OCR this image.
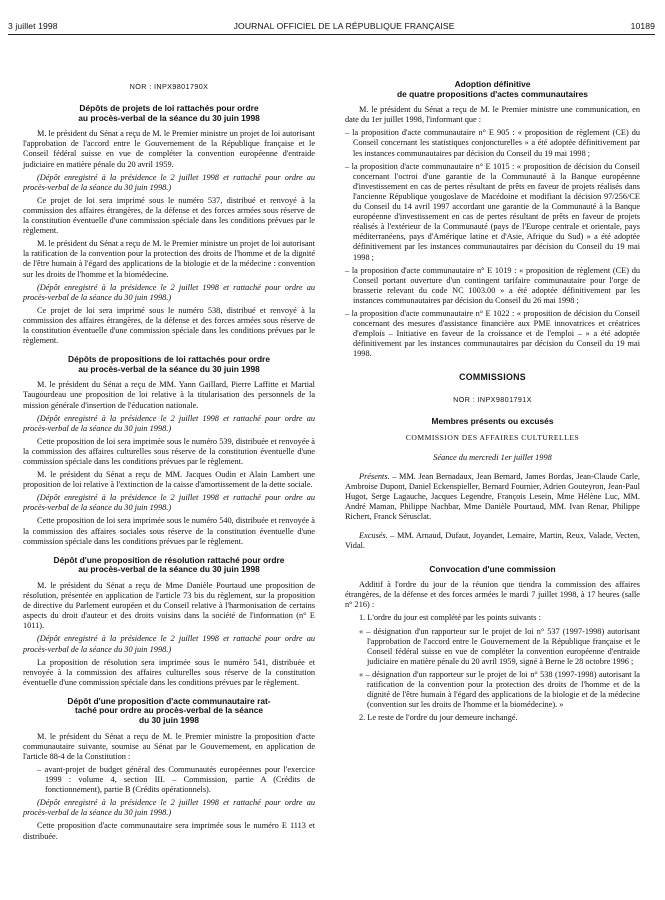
3 juillet 1998	JOURNAL OFFICIEL DE LA RÉPUBLIQUE FRANÇAISE	10189
NOR : INPX9801790X
Dépôts de projets de loi rattachés pour ordre
au procès-verbal de la séance du 30 juin 1998

M. le président du Sénat a reçu de M. le Premier ministre un projet de loi autorisant l'approbation de l'accord entre le Gouvernement de la République française et le Conseil fédéral suisse en vue de compléter la convention européenne d'entraide judiciaire en matière pénale du 20 avril 1959.

(Dépôt enregistré à la présidence le 2 juillet 1998 et rattaché pour ordre au procès-verbal de la séance du 30 juin 1998.)

Ce projet de loi sera imprimé sous le numéro 537, distribué et renvoyé à la commission des affaires étrangères, de la défense et des forces armées sous réserve de la constitution éventuelle d'une commission spéciale dans les conditions prévues par le règlement.

M. le président du Sénat a reçu de M. le Premier ministre un projet de loi autorisant la ratification de la convention pour la protection des droits de l'homme et de la dignité de l'être humain à l'égard des applications de la biologie et de la médecine : convention sur les droits de l'homme et la biomédecine.

(Dépôt enregistré à la présidence le 2 juillet 1998 et rattaché pour ordre au procès-verbal de la séance du 30 juin 1998.)

Ce projet de loi sera imprimé sous le numéro 538, distribué et renvoyé à la commission des affaires étrangères, de la défense et des forces armées sous réserve de la constitution éventuelle d'une commission spéciale dans les conditions prévues par le règlement.

Dépôts de propositions de loi rattachés pour ordre
au procès-verbal de la séance du 30 juin 1998

M. le président du Sénat a reçu de MM. Yann Gaillard, Pierre Laffitte et Martial Taugourdeau une proposition de loi relative à la titularisation des personnels de la mission générale d'insertion de l'éducation nationale.

(Dépôt enregistré à la présidence le 2 juillet 1998 et rattaché pour ordre au procès-verbal de la séance du 30 juin 1998.)

Cette proposition de loi sera imprimée sous le numéro 539, distribuée et renvoyée à la commission des affaires culturelles sous réserve de la constitution éventuelle d'une commission spéciale dans les conditions prévues par le règlement.

M. le président du Sénat a reçu de MM. Jacques Oudin et Alain Lambert une proposition de loi relative à l'extinction de la caisse d'amortissement de la dette sociale.

(Dépôt enregistré à la présidence le 2 juillet 1998 et rattaché pour ordre au procès-verbal de la séance du 30 juin 1998.)

Cette proposition de loi sera imprimée sous le numéro 540, distribuée et renvoyée à la commission des affaires sociales sous réserve de la constitution éventuelle d'une commission spéciale dans les conditions prévues par le règlement.

Dépôt d'une proposition de résolution rattaché pour ordre
au procès-verbal de la séance du 30 juin 1998

M. le président du Sénat a reçu de Mme Danièle Pourtaud une proposition de résolution, présentée en application de l'article 73 bis du règlement, sur la proposition de directive du Parlement européen et du Conseil relative à l'harmonisation de certains aspects du droit d'auteur et des droits voisins dans la société de l'information (n° E 1011).

(Dépôt enregistré à la présidence le 2 juillet 1998 et rattaché pour ordre au procès-verbal de la séance du 30 juin 1998.)

La proposition de résolution sera imprimée sous le numéro 541, distribuée et renvoyée à la commission des affaires culturelles sous réserve de la constitution éventuelle d'une commission spéciale dans les conditions prévues par le règlement.

Dépôt d'une proposition d'acte communautaire rat-
taché pour ordre au procès-verbal de la séance
du 30 juin 1998

M. le président du Sénat a reçu de M. le Premier ministre la proposition d'acte communautaire suivante, soumise au Sénat par le Gouvernement, en application de l'article 88-4 de la Constitution :

– avant-projet de budget général des Communautés européennes pour l'exercice 1999 : volume 4, section III. – Commission, partie A (Crédits de fonctionnement), partie B (Crédits opérationnels).

(Dépôt enregistré à la présidence le 2 juillet 1998 et rattaché pour ordre au procès-verbal de la séance du 30 juin 1998.)

Cette proposition d'acte communautaire sera imprimée sous le numéro E 1113 et distribuée.

Adoption définitive
de quatre propositions d'actes communautaires

M. le président du Sénat a reçu de M. le Premier ministre une communication, en date du 1er juillet 1998, l'informant que :

– la proposition d'acte communautaire n° E 905 : « proposition de règlement (CE) du Conseil concernant les statistiques conjoncturelles » a été adoptée définitivement par les instances communautaires par décision du Conseil du 19 mai 1998 ;

– la proposition d'acte communautaire n° E 1015 : « proposition de décision du Conseil concernant l'octroi d'une garantie de la Communauté à la Banque européenne d'investissement en cas de pertes résultant de prêts en faveur de projets réalisés dans l'ancienne République yougoslave de Macédoine et modifiant la décision 97/256/CE du Conseil du 14 avril 1997 accordant une garantie de la Communauté à la Banque européenne d'investissement en cas de pertes résultant de prêts en faveur de projets réalisés à l'extérieur de la Communauté (pays de l'Europe centrale et orientale, pays méditerranéens, pays d'Amérique latine et d'Asie, Afrique du Sud) » a été adoptée définitivement par les instances communautaires par décision du Conseil du 19 mai 1998 ;

– la proposition d'acte communautaire n° E 1019 : « proposition de règlement (CE) du Conseil portant ouverture d'un contingent tarifaire communautaire pour l'orge de brasserie relevant du code NC 1003.00 » a été adoptée définitivement par les instances communautaires par décision du Conseil du 26 mai 1998 ;

– la proposition d'acte communautaire n° E 1022 : « proposition de décision du Conseil concernant des mesures d'assistance financière aux PME innovatrices et créatrices d'emplois – Initiative en faveur de la croissance et de l'emploi – » a été adoptée définitivement par les instances communautaires par décision du Conseil du 19 mai 1998.

COMMISSIONS
NOR : INPX9801791X
Membres présents ou excusés
COMMISSION DES AFFAIRES CULTURELLES

Séance du mercredi 1er juillet 1998

Présents. – MM. Jean Bernadaux, Jean Bernard, James Bordas, Jean-Claude Carle, Ambroise Dupont, Daniel Eckenspieller, Bernard Fournier, Adrien Gouteyron, Jean-Paul Hugot, Serge Lagauche, Jacques Legendre, François Lesein, Mme Hélène Luc, MM. André Maman, Philippe Nachbar, Mme Danièle Pourtaud, MM. Ivan Renar, Philippe Richert, Franck Sérusclat.

Excusés. – MM. Arnaud, Dufaut, Joyandet, Lemaire, Martin, Reux, Valade, Vecten, Vidal.

Convocation d'une commission

Additif à l'ordre du jour de la réunion que tiendra la commission des affaires étrangères, de la défense et des forces armées le mardi 7 juillet 1998, à 17 heures (salle n° 216) :

1. L'ordre du jour est complété par les points suivants :

« – désignation d'un rapporteur sur le projet de loi n° 537 (1997-1998) autorisant l'approbation de l'accord entre le Gouvernement de la République française et le Conseil fédéral suisse en vue de compléter la convention européenne d'entraide judiciaire en matière pénale du 20 avril 1959, signé à Berne le 28 octobre 1996 ;

« – désignation d'un rapporteur sur le projet de loi n° 538 (1997-1998) autorisant la ratification de la convention pour la protection des droits de l'homme et de la dignité de l'être humain à l'égard des applications de la biologie et de la médecine (convention sur les droits de l'homme et la biomédecine). »

2. Le reste de l'ordre du jour demeure inchangé.
